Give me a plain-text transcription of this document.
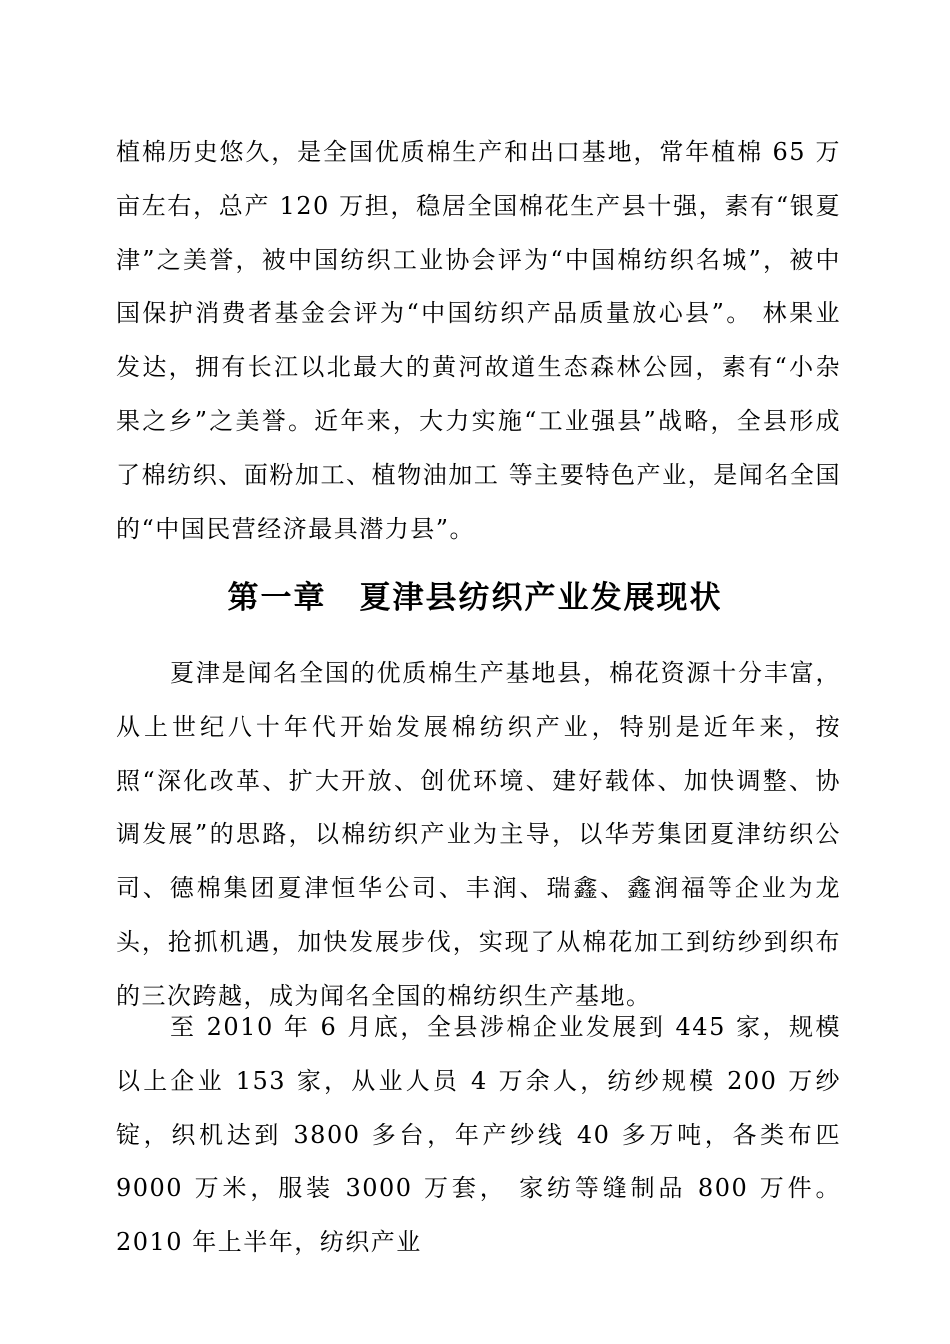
植棉历史悠久，是全国优质棉生产和出口基地，常年植棉 65 万亩左右，总产 120 万担，稳居全国棉花生产县十强，素有“银夏津”之美誉，被中国纺织工业协会评为“中国棉纺织名城”，被中国保护消费者基金会评为“中国纺织产品质量放心县”。 林果业发达，拥有长江以北最大的黄河故道生态森林公园，素有“小杂果之乡”之美誉。近年来，大力实施“工业强县”战略，全县形成了棉纺织、面粉加工、植物油加工 等主要特色产业，是闻名全国的“中国民营经济最具潜力县”。

第一章　夏津县纺织产业发展现状

夏津是闻名全国的优质棉生产基地县，棉花资源十分丰富，从上世纪八十年代开始发展棉纺织产业，特别是近年来，按照“深化改革、扩大开放、创优环境、建好载体、加快调整、协调发展”的思路，以棉纺织产业为主导，以华芳集团夏津纺织公司、德棉集团夏津恒华公司、丰润、瑞鑫、鑫润福等企业为龙头，抢抓机遇，加快发展步伐，实现了从棉花加工到纺纱到织布的三次跨越，成为闻名全国的棉纺织生产基地。

至 2010 年 6 月底，全县涉棉企业发展到 445 家，规模以上企业 153 家，从业人员 4 万余人，纺纱规模 200 万纱锭，织机达到 3800 多台，年产纱线 40 多万吨，各类布匹 9000 万米，服装 3000 万套， 家纺等缝制品 800 万件。2010 年上半年，纺织产业
